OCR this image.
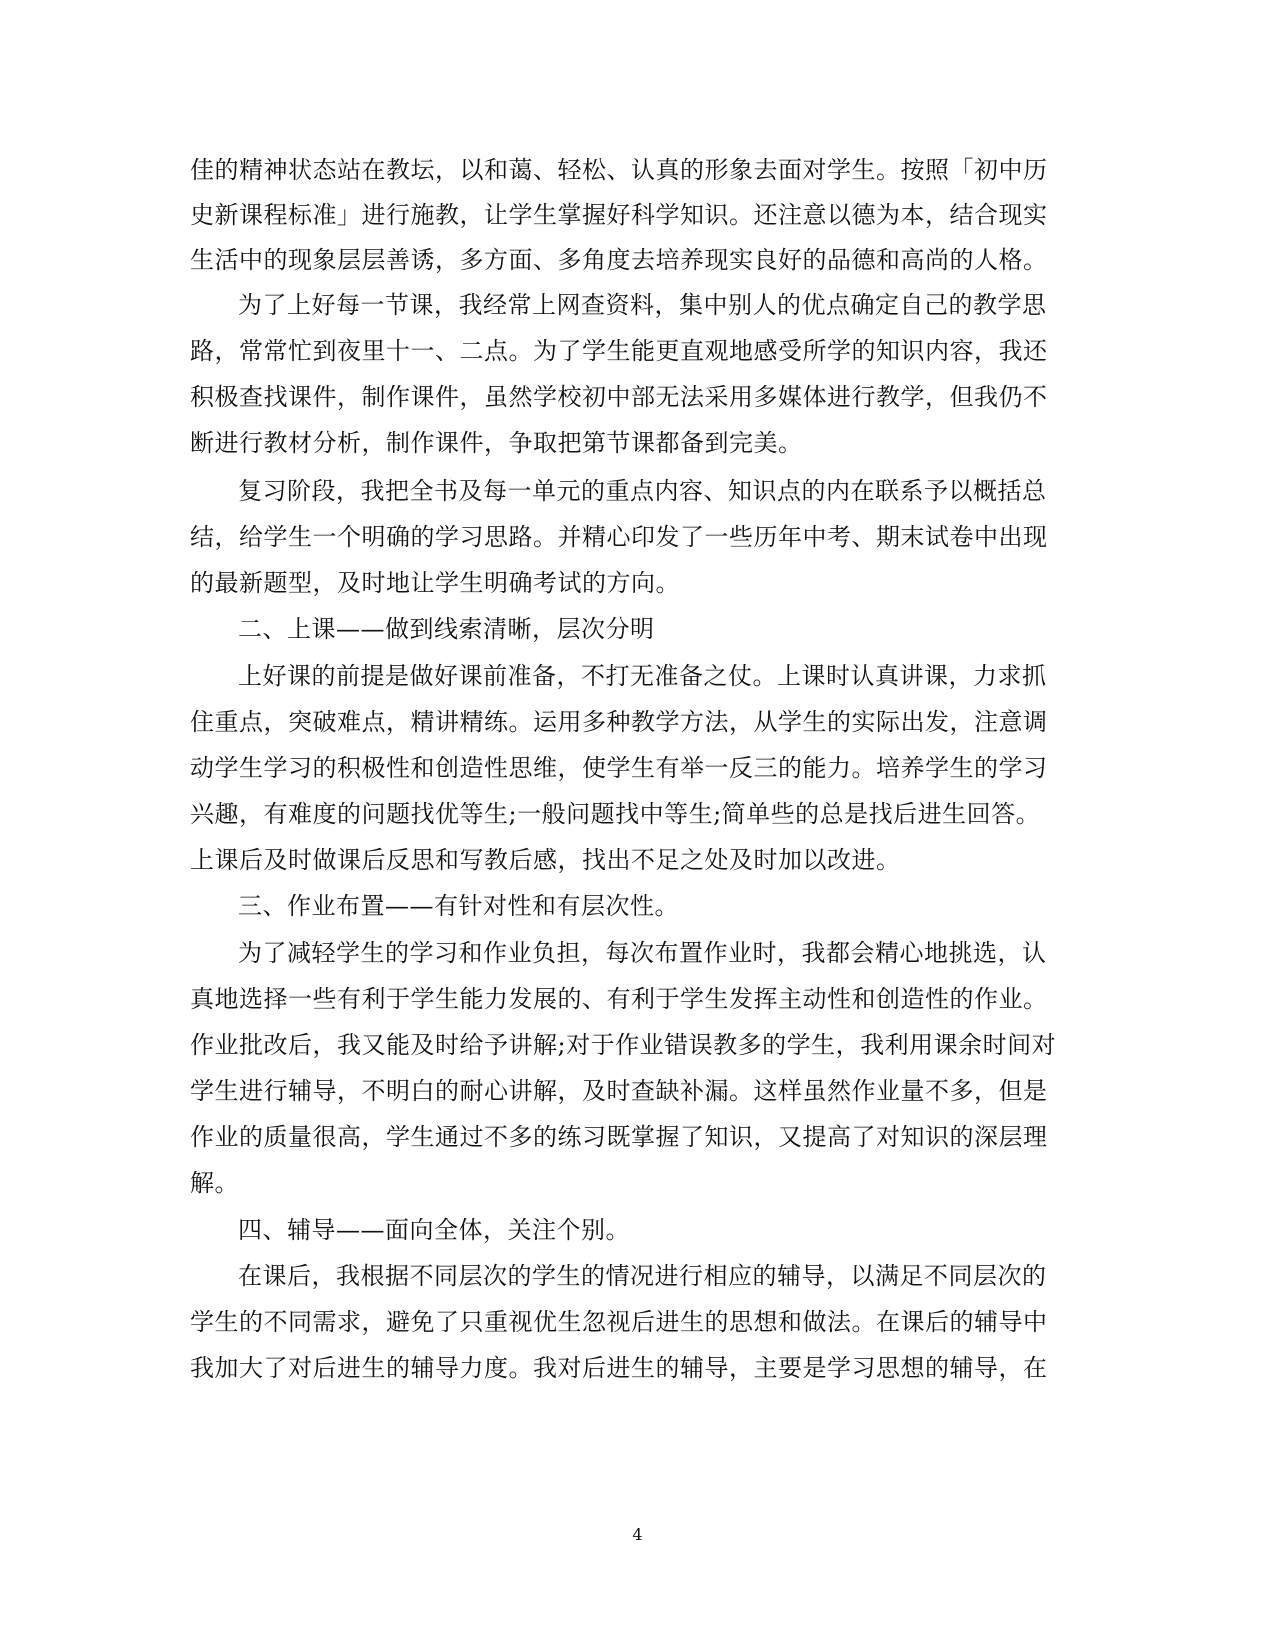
佳的精神状态站在教坛，以和蔼、轻松、认真的形象去面对学生。按照「初中历
史新课程标准」进行施教，让学生掌握好科学知识。还注意以德为本，结合现实
生活中的现象层层善诱，多方面、多角度去培养现实良好的品德和高尚的人格。
为了上好每一节课，我经常上网查资料，集中别人的优点确定自己的教学思
路，常常忙到夜里十一、二点。为了学生能更直观地感受所学的知识内容，我还
积极查找课件，制作课件，虽然学校初中部无法采用多媒体进行教学，但我仍不
断进行教材分析，制作课件，争取把第节课都备到完美。
复习阶段，我把全书及每一单元的重点内容、知识点的内在联系予以概括总
结，给学生一个明确的学习思路。并精心印发了一些历年中考、期末试卷中出现
的最新题型，及时地让学生明确考试的方向。
二、上课——做到线索清晰，层次分明
上好课的前提是做好课前准备，不打无准备之仗。上课时认真讲课，力求抓
住重点，突破难点，精讲精练。运用多种教学方法，从学生的实际出发，注意调
动学生学习的积极性和创造性思维，使学生有举一反三的能力。培养学生的学习
兴趣，有难度的问题找优等生;一般问题找中等生;简单些的总是找后进生回答。
上课后及时做课后反思和写教后感，找出不足之处及时加以改进。
三、作业布置——有针对性和有层次性。
为了减轻学生的学习和作业负担，每次布置作业时，我都会精心地挑选，认
真地选择一些有利于学生能力发展的、有利于学生发挥主动性和创造性的作业。
作业批改后，我又能及时给予讲解;对于作业错误教多的学生，我利用课余时间对
学生进行辅导，不明白的耐心讲解，及时查缺补漏。这样虽然作业量不多，但是
作业的质量很高，学生通过不多的练习既掌握了知识，又提高了对知识的深层理
解。
四、辅导——面向全体，关注个别。
在课后，我根据不同层次的学生的情况进行相应的辅导，以满足不同层次的
学生的不同需求，避免了只重视优生忽视后进生的思想和做法。在课后的辅导中
我加大了对后进生的辅导力度。我对后进生的辅导，主要是学习思想的辅导，在
4
